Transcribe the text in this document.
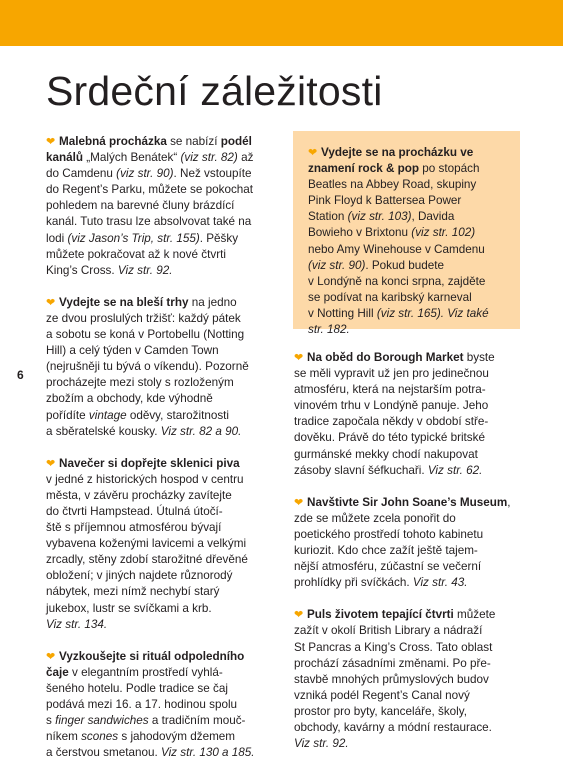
Srdeční záležitosti
6
❤ Malebná procházka se nabízí podél
kanálů „Malých Benátek“ (viz str. 82) až
do Camdenu (viz str. 90). Než vstoupíte
do Regent’s Parku, můžete se pokochat
pohledem na barevné čluny brázdící
kanál. Tuto trasu lze absolvovat také na
lodi (viz Jason’s Trip, str. 155). Pěšky
můžete pokračovat až k nové čtvrti
King’s Cross. Viz str. 92.
❤ Vydejte se na bleší trhy na jedno
ze dvou proslulých tržišť: každý pátek
a sobotu se koná v Portobellu (Notting
Hill) a celý týden v Camden Town
(nejrušněji tu bývá o víkendu). Pozorně
procházejte mezi stoly s rozloženým
zbožím a obchody, kde výhodně
pořídíte vintage oděvy, starožitnosti
a sběratelské kousky. Viz str. 82 a 90.
❤ Navečer si dopřejte sklenici piva
v jedné z historických hospod v centru
města, v závěru procházky zavítejte
do čtvrti Hampstead. Útulná útočí-
ště s příjemnou atmosférou bývají
vybavena koženými lavicemi a velkými
zrcadly, stěny zdobí starožitné dřevěné
obložení; v jiných najdete různorodý
nábytek, mezi nímž nechybí starý
jukebox, lustr se svíčkami a krb.
Viz str. 134.
❤ Vyzkoušejte si rituál odpoledního
čaje v elegantním prostředí vyhlá-
šeného hotelu. Podle tradice se čaj
podává mezi 16. a 17. hodinou spolu
s finger sandwiches a tradičním mouč-
níkem scones s jahodovým džemem
a čerstvou smetanou. Viz str. 130 a 185.
❤ Vydejte se na procházku ve
znamení rock & pop po stopách
Beatles na Abbey Road, skupiny
Pink Floyd k Battersea Power
Station (viz str. 103), Davida
Bowieho v Brixtonu (viz str. 102)
nebo Amy Winehouse v Camdenu
(viz str. 90). Pokud budete
v Londýně na konci srpna, zajděte
se podívat na karibský karneval
v Notting Hill (viz str. 165). Viz také
str. 182.
❤ Na oběd do Borough Market byste
se měli vypravit už jen pro jedinečnou
atmosféru, která na nejstarším potra-
vinovém trhu v Londýně panuje. Jeho
tradice započala někdy v období stře-
dověku. Právě do této typické britské
gurmánské mekky chodí nakupovat
zásoby slavní šéfkuchaři. Viz str. 62.
❤ Navštivte Sir John Soane’s Museum,
zde se můžete zcela ponořit do
poetického prostředí tohoto kabinetu
kuriozit. Kdo chce zažít ještě tajem-
nější atmosféru, zúčastní se večerní
prohlídky při svíčkách. Viz str. 43.
❤ Puls životem tepající čtvrti můžete
zažít v okolí British Library a nádraží
St Pancras a King’s Cross. Tato oblast
prochází zásadními změnami. Po pře-
stavbě mnohých průmyslových budov
vzniká podél Regent’s Canal nový
prostor pro byty, kanceláře, školy,
obchody, kavárny a módní restaurace.
Viz str. 92.
